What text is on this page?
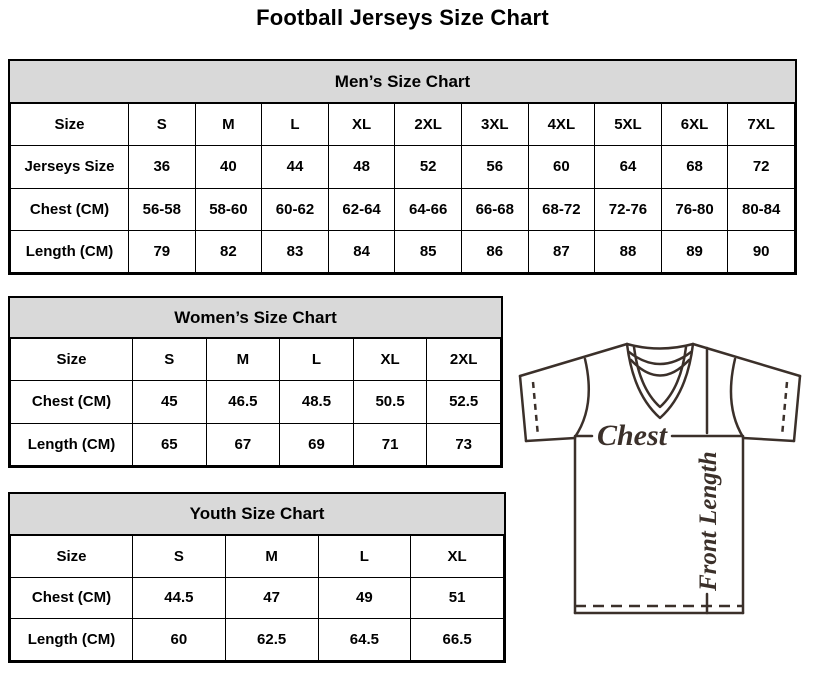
Football Jerseys Size Chart
Men’s Size Chart
Size	S	M	L	XL	2XL	3XL	4XL	5XL	6XL	7XL
Jerseys Size	36	40	44	48	52	56	60	64	68	72
Chest (CM)	56-58	58-60	60-62	62-64	64-66	66-68	68-72	72-76	76-80	80-84
Length (CM)	79	82	83	84	85	86	87	88	89	90
Women’s Size Chart
Size	S	M	L	XL	2XL
Chest (CM)	45	46.5	48.5	50.5	52.5
Length (CM)	65	67	69	71	73
Youth Size Chart
Size	S	M	L	XL
Chest (CM)	44.5	47	49	51
Length (CM)	60	62.5	64.5	66.5
Chest
Front Length
